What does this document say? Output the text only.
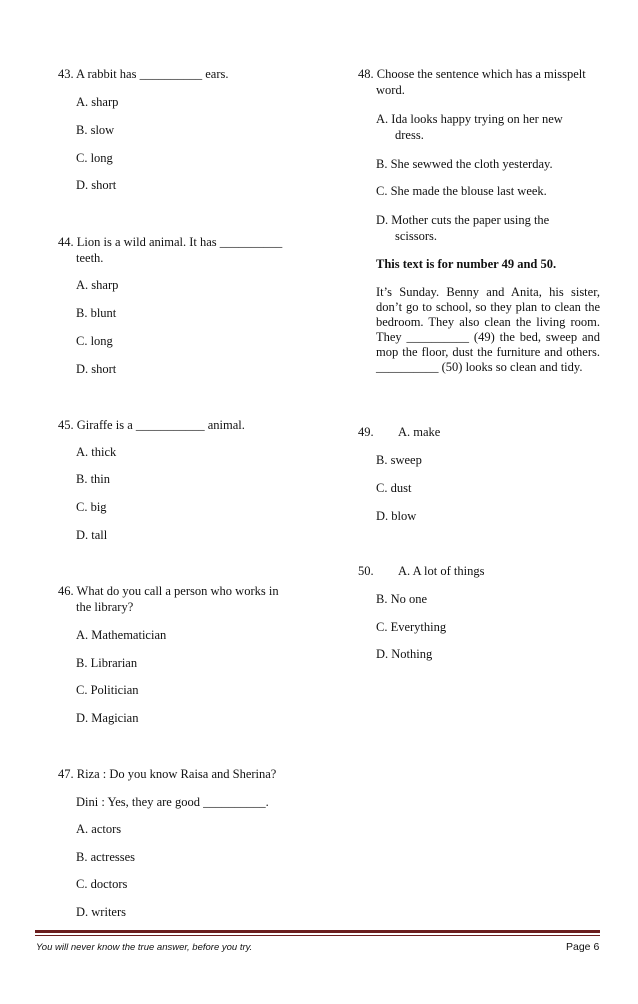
43. A rabbit has __________ ears.
A. sharp
B. slow
C. long
D. short
44. Lion is a wild animal. It has __________
teeth.
A. sharp
B. blunt
C. long
D. short
45. Giraffe is a ___________ animal.
A. thick
B. thin
C. big
D. tall
46. What do you call a person who works in
the library?
A. Mathematician
B. Librarian
C. Politician
D. Magician
47. Riza : Do you know Raisa and Sherina?
Dini : Yes, they are good __________.
A. actors
B. actresses
C. doctors
D. writers
48. Choose the sentence which has a misspelt
word.
A. Ida looks happy trying on her new
dress.
B. She sewwed the cloth yesterday.
C. She made the blouse last week.
D. Mother cuts the paper using the
scissors.
This text is for number 49 and 50.
It’s Sunday. Benny and Anita, his sister, don’t go to school, so they plan to clean the bedroom. They also clean the living room. They __________ (49) the bed, sweep and mop the floor, dust the furniture and others. __________ (50) looks so clean and tidy.
49. A. make
B. sweep
C. dust
D. blow
50. A. A lot of things
B. No one
C. Everything
D. Nothing
You will never know the true answer, before you try.	Page 6
